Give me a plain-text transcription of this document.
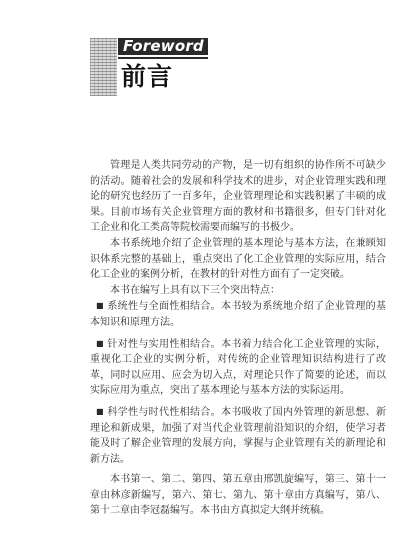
Foreword
前言

管理是人类共同劳动的产物，是一切有组织的协作所不可缺少的活动。随着社会的发展和科学技术的进步，对企业管理实践和理论的研究也经历了一百多年，企业管理理论和实践积累了丰硕的成果。目前市场有关企业管理方面的教材和书籍很多，但专门针对化工企业和化工类高等院校需要而编写的书极少。

本书系统地介绍了企业管理的基本理论与基本方法，在兼顾知识体系完整的基础上，重点突出了化工企业管理的实际应用，结合化工企业的案例分析，在教材的针对性方面有了一定突破。

本书在编写上具有以下三个突出特点：

■ 系统性与全面性相结合。本书较为系统地介绍了企业管理的基本知识和原理方法。

■ 针对性与实用性相结合。本书着力结合化工企业管理的实际，重视化工企业的实例分析，对传统的企业管理知识结构进行了改革，同时以应用、应会为切入点，对理论只作了简要的论述，而以实际应用为重点，突出了基本理论与基本方法的实际运用。

■ 科学性与时代性相结合。本书吸收了国内外管理的新思想、新理论和新成果，加强了对当代企业管理前沿知识的介绍，使学习者能及时了解企业管理的发展方向，掌握与企业管理有关的新理论和新方法。

本书第一、第二、第四、第五章由邢凯旋编写，第三、第十一章由林彦新编写，第六、第七、第九、第十章由方真编写，第八、第十二章由李冠磊编写。本书由方真拟定大纲并统稿。
